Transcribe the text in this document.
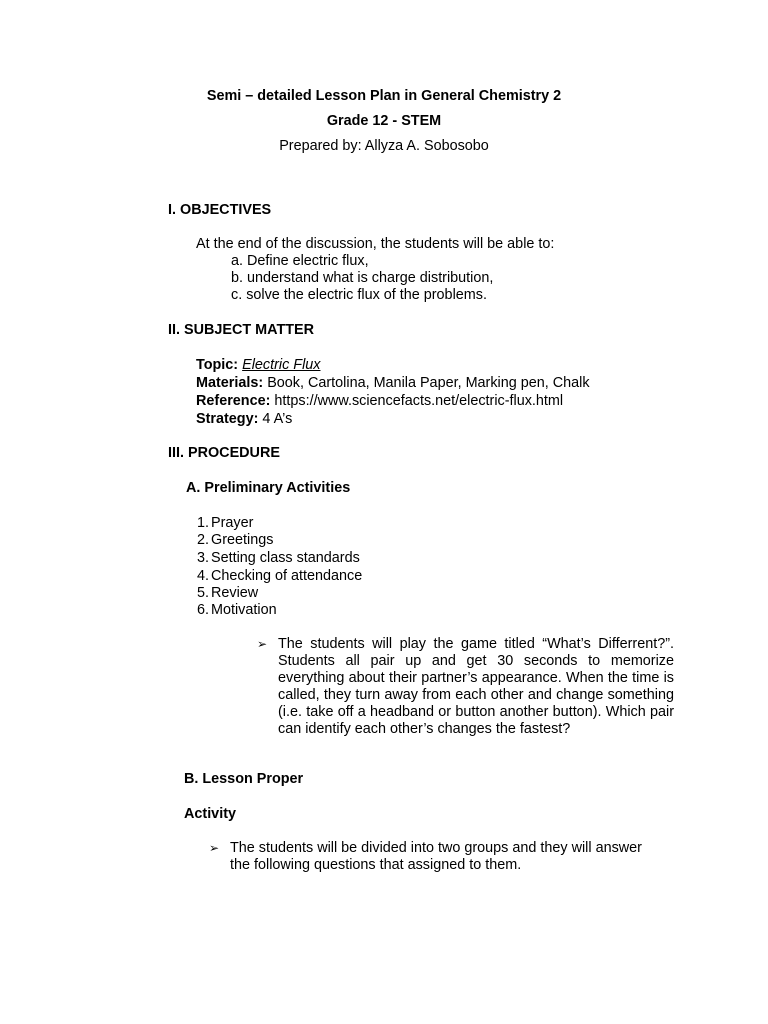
Semi – detailed Lesson Plan in General Chemistry 2
Grade 12 - STEM
Prepared by: Allyza A. Sobosobo
I. OBJECTIVES
At the end of the discussion, the students will be able to:
a. Define electric flux,
b. understand what is charge distribution,
c. solve the electric flux of the problems.
II. SUBJECT MATTER
Topic: Electric Flux
Materials: Book, Cartolina, Manila Paper, Marking pen, Chalk
Reference: https://www.sciencefacts.net/electric-flux.html
Strategy: 4 A’s
III. PROCEDURE
A. Preliminary Activities
1. Prayer
2. Greetings
3. Setting class standards
4. Checking of attendance
5. Review
6. Motivation
➢ The students will play the game titled “What’s Differrent?”. Students all pair up and get 30 seconds to memorize everything about their partner’s appearance. When the time is called, they turn away from each other and change something (i.e. take off a headband or button another button). Which pair can identify each other’s changes the fastest?
B. Lesson Proper
Activity
➢ The students will be divided into two groups and they will answer
the following questions that assigned to them.
